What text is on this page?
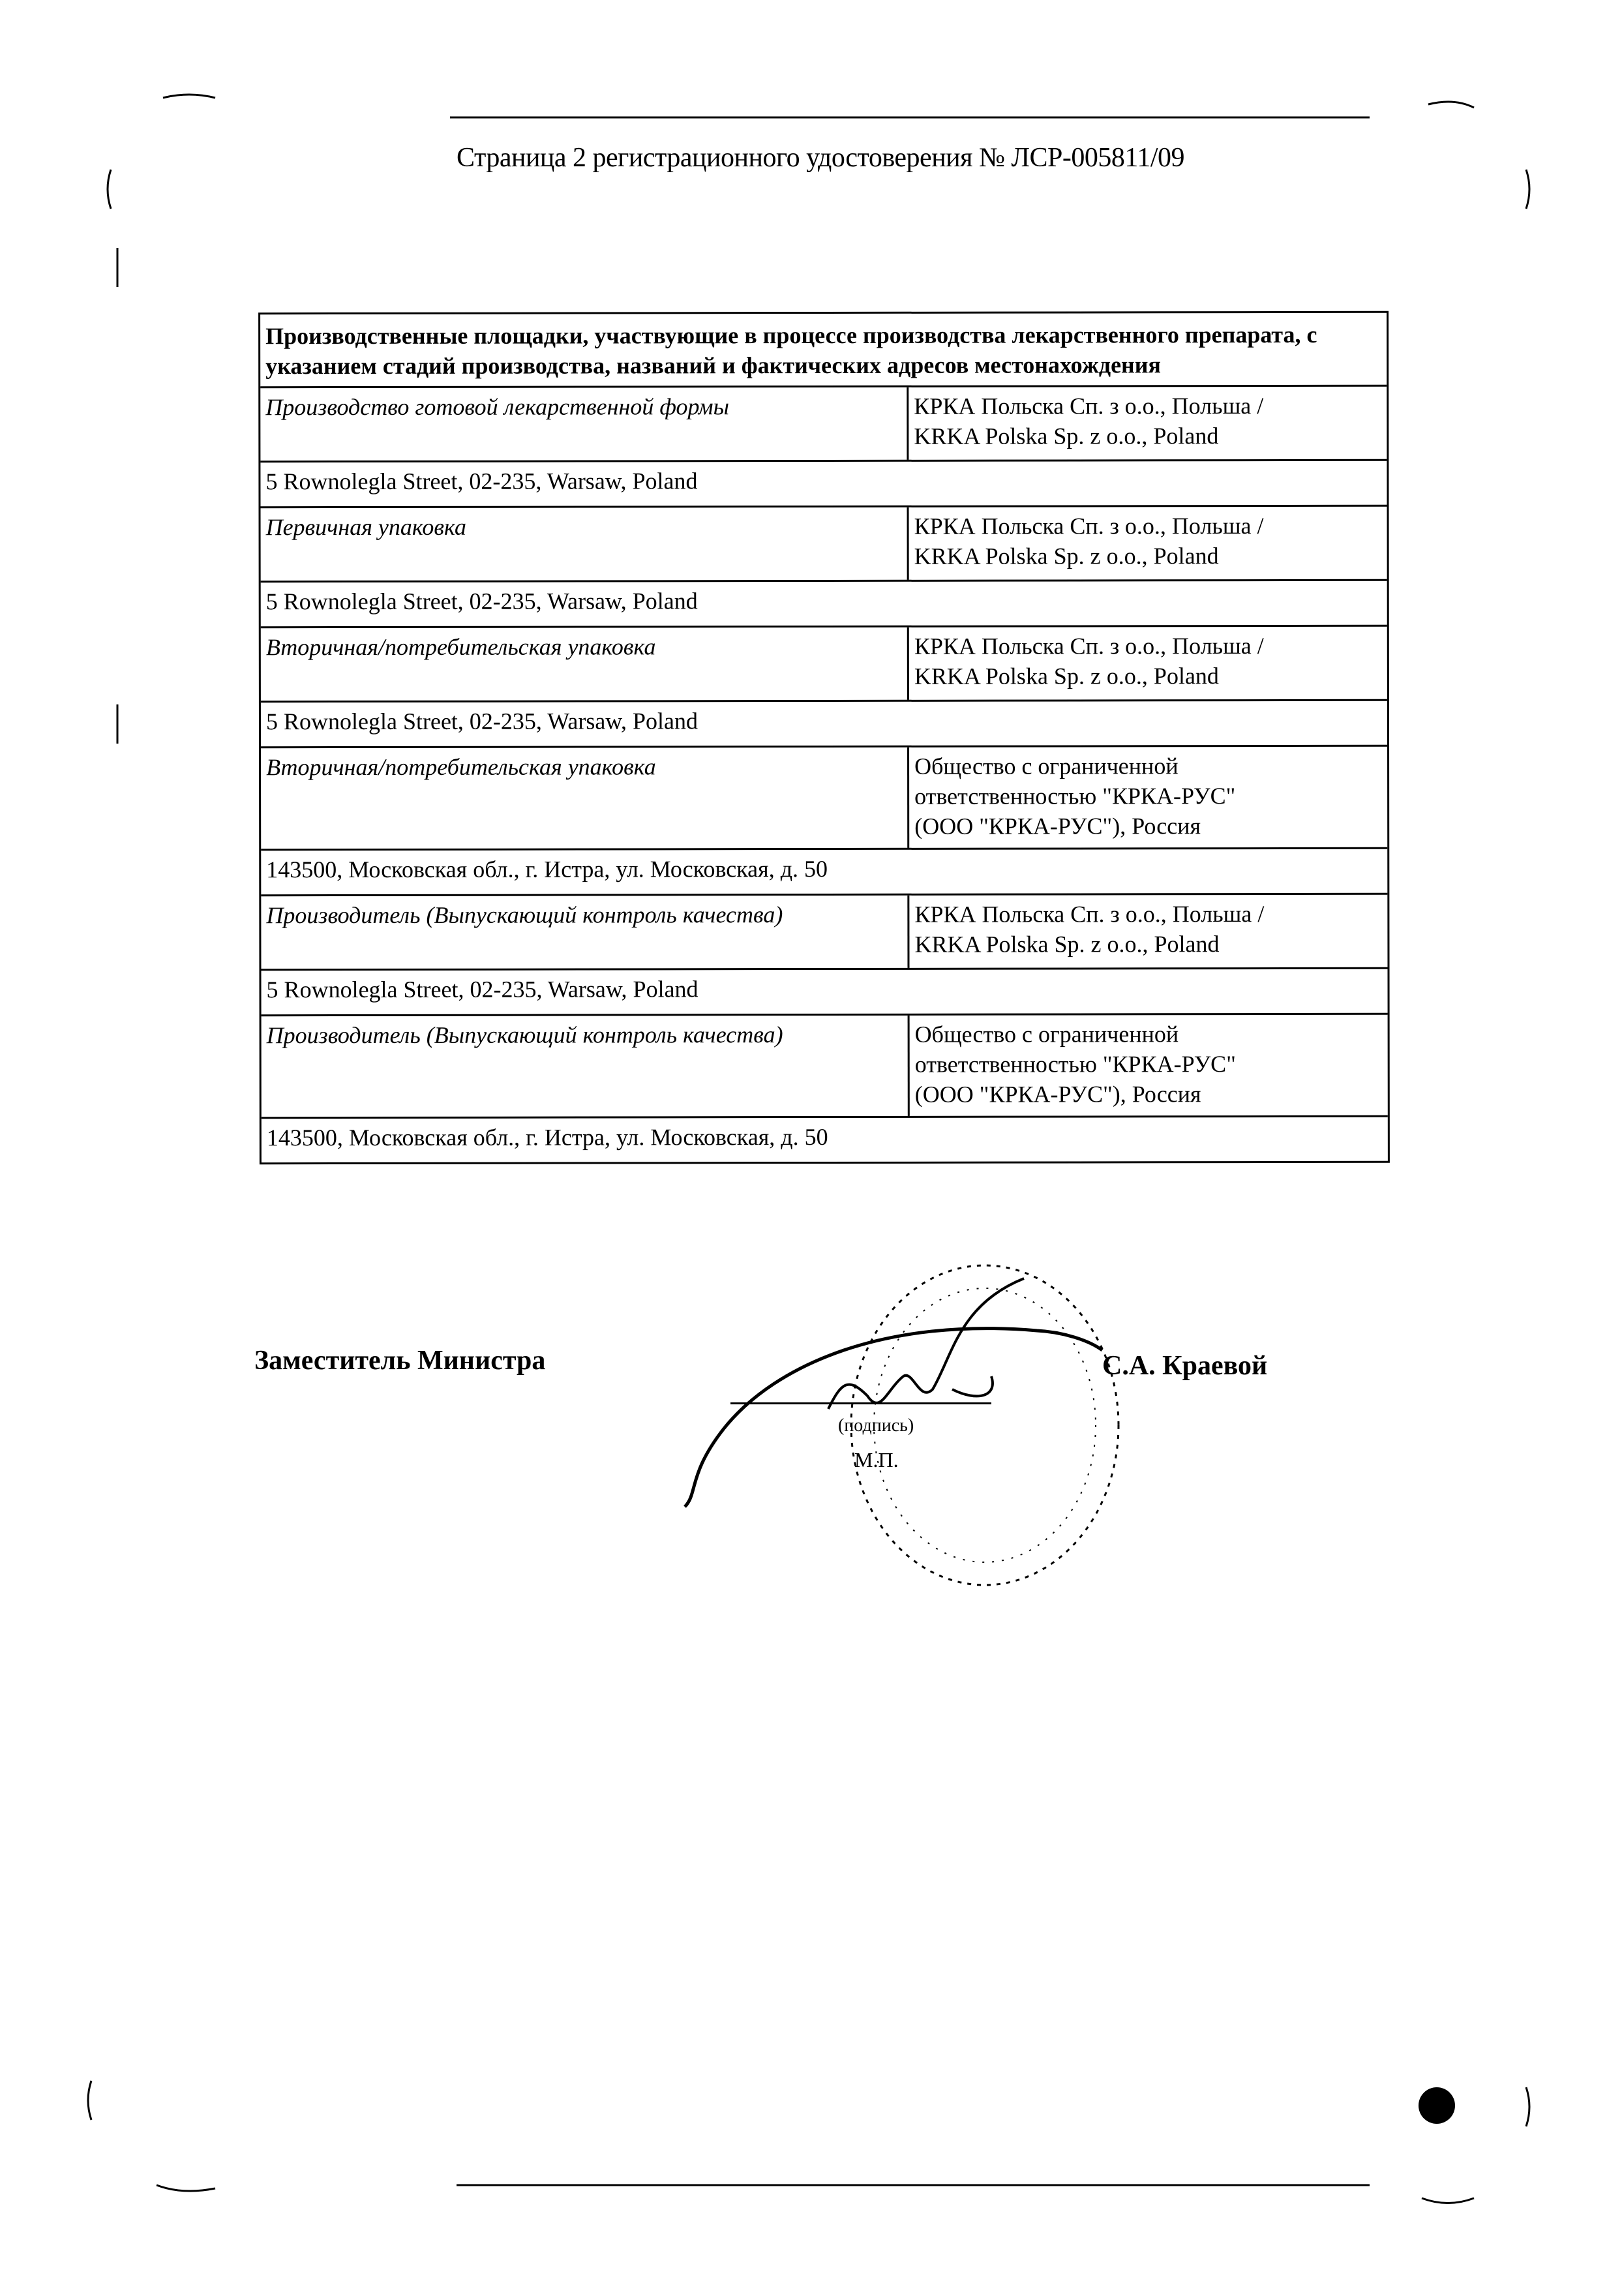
Страница 2 регистрационного удостоверения № ЛСР-005811/09
Производственные площадки, участвующие в процессе производства лекарственного препарата, с указанием стадий производства, названий и фактических адресов местонахождения
Производство готовой лекарственной формы	КРКА Польска Сп. з о.о., Польша /
KRKA Polska Sp. z o.o., Poland
5 Rownolegla Street, 02-235, Warsaw, Poland
Первичная упаковка	КРКА Польска Сп. з о.о., Польша /
KRKA Polska Sp. z o.o., Poland
5 Rownolegla Street, 02-235, Warsaw, Poland
Вторичная/потребительская упаковка	КРКА Польска Сп. з о.о., Польша /
KRKA Polska Sp. z o.o., Poland
5 Rownolegla Street, 02-235, Warsaw, Poland
Вторичная/потребительская упаковка	Общество с ограниченной
ответственностью "КРКА-РУС"
(ООО "КРКА-РУС"), Россия
143500, Московская обл., г. Истра, ул. Московская, д. 50
Производитель (Выпускающий контроль качества)	КРКА Польска Сп. з о.о., Польша /
KRKA Polska Sp. z o.o., Poland
5 Rownolegla Street, 02-235, Warsaw, Poland
Производитель (Выпускающий контроль качества)	Общество с ограниченной
ответственностью "КРКА-РУС"
(ООО "КРКА-РУС"), Россия
143500, Московская обл., г. Истра, ул. Московская, д. 50
Заместитель Министра
(подпись)
М.П.
С.А. Краевой
